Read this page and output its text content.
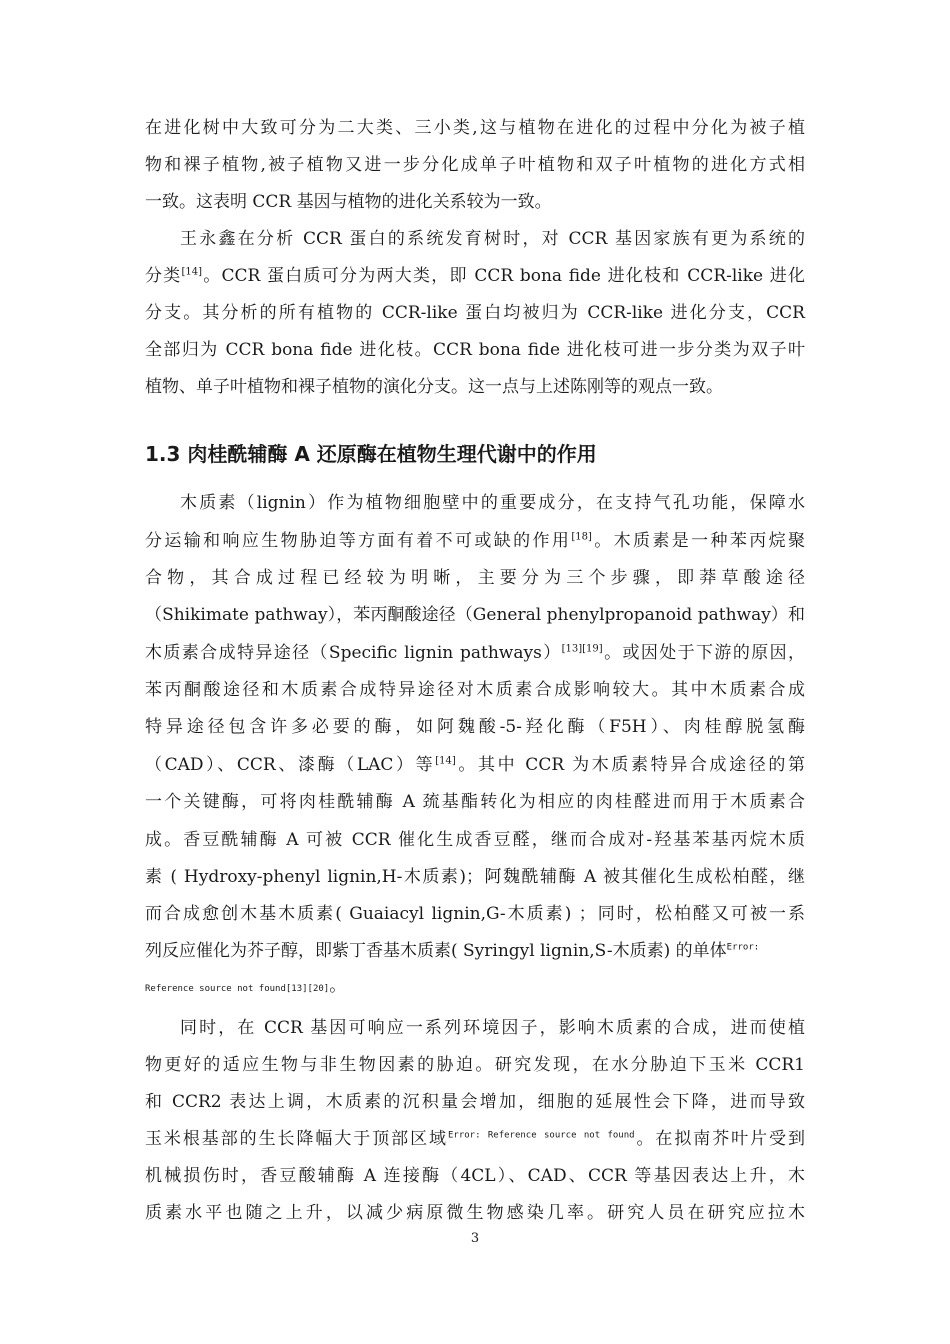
在进化树中大致可分为二大类、三小类,这与植物在进化的过程中分化为被子植
物和裸子植物,被子植物又进一步分化成单子叶植物和双子叶植物的进化方式相
一致。这表明 CCR 基因与植物的进化关系较为一致。
王永鑫在分析 CCR 蛋白的系统发育树时，对 CCR 基因家族有更为系统的
分类[14]。CCR 蛋白质可分为两大类，即 CCR bona fide 进化枝和 CCR-like 进化
分支。其分析的所有植物的 CCR-like 蛋白均被归为 CCR-like 进化分支，CCR
全部归为 CCR bona fide 进化枝。CCR bona fide 进化枝可进一步分类为双子叶
植物、单子叶植物和裸子植物的演化分支。这一点与上述陈刚等的观点一致。
1.3 肉桂酰辅酶 A 还原酶在植物生理代谢中的作用
木质素（lignin）作为植物细胞壁中的重要成分，在支持气孔功能，保障水
分运输和响应生物胁迫等方面有着不可或缺的作用[18]。木质素是一种苯丙烷聚
合物，其合成过程已经较为明晰，主要分为三个步骤，即莽草酸途径
（Shikimate pathway），苯丙酮酸途径（General phenylpropanoid pathway）和
木质素合成特异途径（Specific lignin pathways）[13][19]。或因处于下游的原因，
苯丙酮酸途径和木质素合成特异途径对木质素合成影响较大。其中木质素合成
特异途径包含许多必要的酶，如阿魏酸-5-羟化酶（F5H）、肉桂醇脱氢酶
（CAD）、CCR、漆酶（LAC）等[14]。其中 CCR 为木质素特异合成途径的第
一个关键酶，可将肉桂酰辅酶 A 巯基酯转化为相应的肉桂醛进而用于木质素合
成。香豆酰辅酶 A 可被 CCR 催化生成香豆醛，继而合成对-羟基苯基丙烷木质
素 ( Hydroxy-phenyl lignin,H-木质素)；阿魏酰辅酶 A 被其催化生成松柏醛，继
而合成愈创木基木质素( Guaiacyl lignin,G-木质素) ；同时，松柏醛又可被一系
列反应催化为芥子醇，即紫丁香基木质素( Syringyl lignin,S-木质素) 的单体$^{Error:}$
Reference source not found[13][20]。
同时，在 CCR 基因可响应一系列环境因子，影响木质素的合成，进而使植
物更好的适应生物与非生物因素的胁迫。研究发现，在水分胁迫下玉米 CCR1
和 CCR2 表达上调，木质素的沉积量会增加，细胞的延展性会下降，进而导致
玉米根基部的生长降幅大于顶部区域$^{Error: Reference source not found}$。在拟南芥叶片受到
机械损伤时，香豆酸辅酶 A 连接酶（4CL）、CAD、CCR 等基因表达上升，木
质素水平也随之上升，以减少病原微生物感染几率。研究人员在研究应拉木
3
